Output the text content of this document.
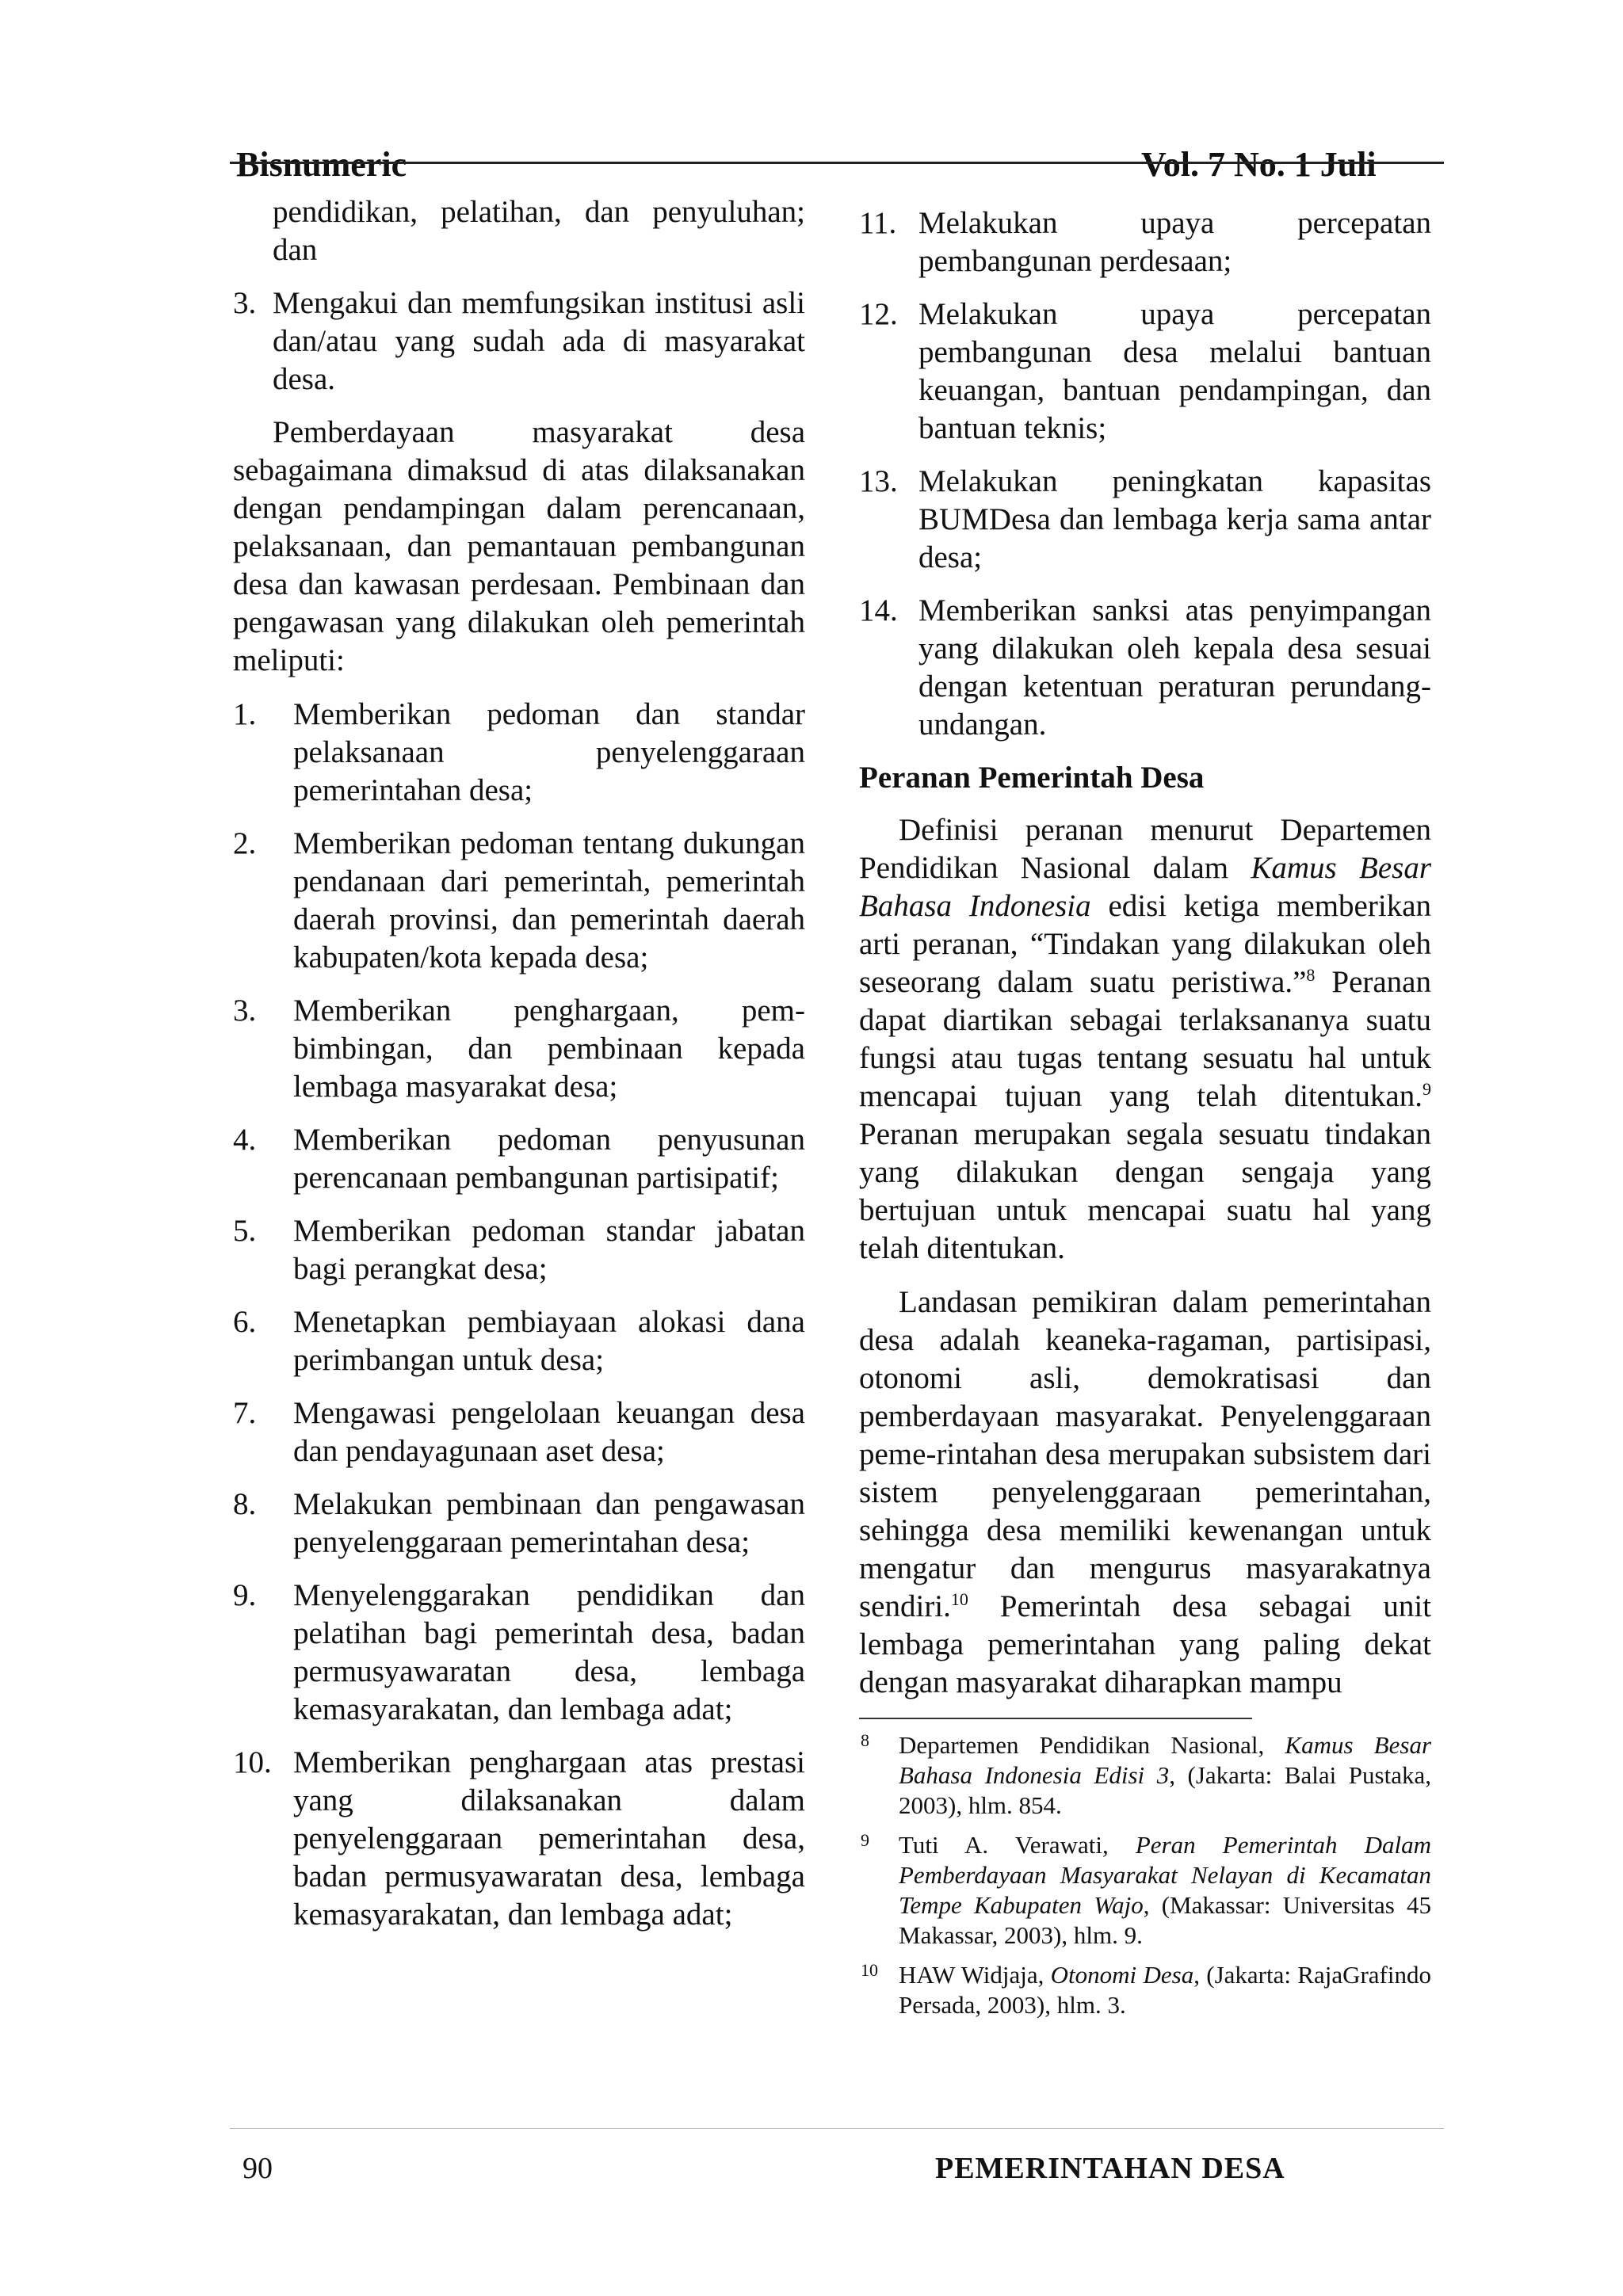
Bisnumeric	Vol. 7 No. 1 Juli

pendidikan, pelatihan, dan penyuluhan; dan

3. Mengakui dan memfungsikan institusi asli dan/atau yang sudah ada di masyarakat desa.

Pemberdayaan masyarakat desa sebagaimana dimaksud di atas dilaksanakan dengan pendampingan dalam perencanaan, pelaksanaan, dan pemantauan pembangunan desa dan kawasan perdesaan. Pembinaan dan pengawasan yang dilakukan oleh pemerintah meliputi:

1. Memberikan pedoman dan standar pelaksanaan penyelenggaraan pemerintahan desa;
2. Memberikan pedoman tentang dukungan pendanaan dari pemerintah, pemerintah daerah provinsi, dan pemerintah daerah kabupaten/kota kepada desa;
3. Memberikan penghargaan, pem-bimbingan, dan pembinaan kepada lembaga masyarakat desa;
4. Memberikan pedoman penyusunan perencanaan pembangunan partisipatif;
5. Memberikan pedoman standar jabatan bagi perangkat desa;
6. Menetapkan pembiayaan alokasi dana perimbangan untuk desa;
7. Mengawasi pengelolaan keuangan desa dan pendayagunaan aset desa;
8. Melakukan pembinaan dan pengawasan penyelenggaraan pemerintahan desa;
9. Menyelenggarakan pendidikan dan pelatihan bagi pemerintah desa, badan permusyawaratan desa, lembaga kemasyarakatan, dan lembaga adat;
10. Memberikan penghargaan atas prestasi yang dilaksanakan dalam penyelenggaraan pemerintahan desa, badan permusyawaratan desa, lembaga kemasyarakatan, dan lembaga adat;
11. Melakukan upaya percepatan pembangunan perdesaan;
12. Melakukan upaya percepatan pembangunan desa melalui bantuan keuangan, bantuan pendampingan, dan bantuan teknis;
13. Melakukan peningkatan kapasitas BUMDesa dan lembaga kerja sama antar desa;
14. Memberikan sanksi atas penyimpangan yang dilakukan oleh kepala desa sesuai dengan ketentuan peraturan perundang-undangan.
Peranan Pemerintah Desa

Definisi peranan menurut Departemen Pendidikan Nasional dalam Kamus Besar Bahasa Indonesia edisi ketiga memberikan arti peranan, “Tindakan yang dilakukan oleh seseorang dalam suatu peristiwa.”$^8$ Peranan dapat diartikan sebagai terlaksananya suatu fungsi atau tugas tentang sesuatu hal untuk mencapai tujuan yang telah ditentukan.$^9$ Peranan merupakan segala sesuatu tindakan yang dilakukan dengan sengaja yang bertujuan untuk mencapai suatu hal yang telah ditentukan.

Landasan pemikiran dalam pemerintahan desa adalah keaneka-ragaman, partisipasi, otonomi asli, demokratisasi dan pemberdayaan masyarakat. Penyelenggaraan peme-rintahan desa merupakan subsistem dari sistem penyelenggaraan pemerintahan, sehingga desa memiliki kewenangan untuk mengatur dan mengurus masyarakatnya sendiri.$^{10}$ Pemerintah desa sebagai unit lembaga pemerintahan yang paling dekat dengan masyarakat diharapkan mampu

8 Departemen Pendidikan Nasional, Kamus Besar Bahasa Indonesia Edisi 3, (Jakarta: Balai Pustaka, 2003), hlm. 854.
9 Tuti A. Verawati, Peran Pemerintah Dalam Pemberdayaan Masyarakat Nelayan di Kecamatan Tempe Kabupaten Wajo, (Makassar: Universitas 45 Makassar, 2003), hlm. 9.
10 HAW Widjaja, Otonomi Desa, (Jakarta: RajaGrafindo Persada, 2003), hlm. 3.
90	PEMERINTAHAN DESA
